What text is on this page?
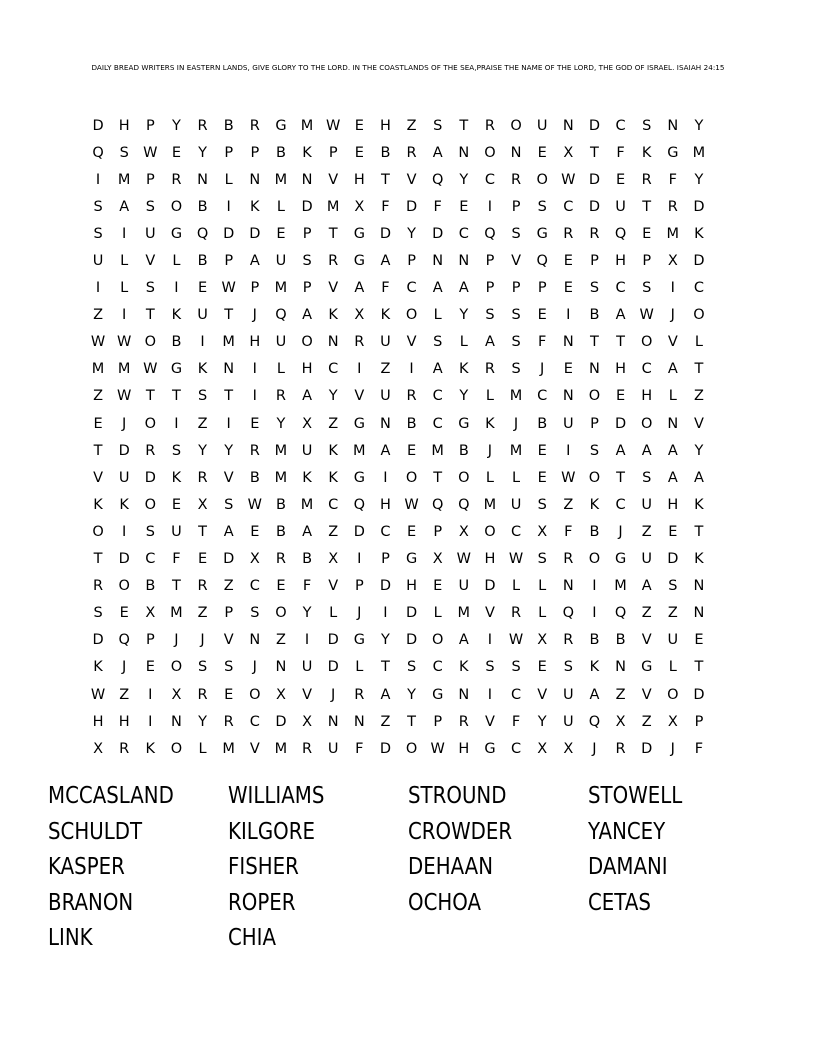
DAILY BREAD WRITERS IN EASTERN LANDS, GIVE GLORY TO THE LORD. IN THE COASTLANDS OF THE SEA,PRAISE THE NAME OF THE LORD, THE GOD OF ISRAEL. ISAIAH 24:15
D	H	P	Y	R	B	R	G M W E	H	Z	S	T	R	O	U	N	D	C	S	N	Y
Q	S W E	Y	P	P	B	K	P	E	B	R	A	N	O	N	E	X	T	F	K	G M
I	M	P	R	N	L	N M N	V	H	T	V	Q	Y	C	R	O W D	E	R	F	Y
S	A	S	O	B	I	K	L	D M	X	F	D	F	E	I	P	S	C	D	U	T	R	D
S	I	U	G	Q	D	D	E	P	T	G	D	Y	D	C	Q	S	G	R	R	Q	E	M	K
U	L	V	L	B	P	A	U	S	R	G	A	P	N	N	P	V	Q	E	P	H	P	X	D
I	L	S	I	E W	P	M	P	V	A	F	C	A	A	P	P	P	E	S	C	S	I	C
Z	I	T	K	U	T	J	Q	A	K	X	K	O	L	Y	S	S	E	I	B	A W	J	O
W W O	B	I	M H	U	O	N	R	U	V	S	L	A	S	F	N	T	T	O	V	L
M M W G	K	N	I	L	H	C	I	Z	I	A	K	R	S	J	E	N	H	C	A	T
Z W	T	T	S	T	I	R	A	Y	V	U	R	C	Y	L	M	C	N	O	E	H	L	Z
E	J	O	I	Z	I	E	Y	X	Z	G	N	B	C	G	K	J	B	U	P	D	O	N	V
T	D	R	S	Y	Y	R	M	U	K	M	A	E	M	B	J	M	E	I	S	A	A	A	Y
V	U	D	K	R	V	B	M	K	K	G	I	O	T	O	L	L	E W O	T	S	A	A
K	K	O	E	X	S W B	M	C	Q	H W Q	Q M	U	S	Z	K	C	U	H	K
O	I	S	U	T	A	E	B	A	Z	D	C	E	P	X	O	C	X	F	B	J	Z	E	T
T	D	C	F	E	D	X	R	B	X	I	P	G	X W H W S	R	O	G	U	D	K
R	O	B	T	R	Z	C	E	F	V	P	D	H	E	U	D	L	L	N	I	M	A	S	N
S	E	X	M	Z	P	S	O	Y	L	J	I	D	L	M	V	R	L	Q	I	Q	Z	Z	N
D	Q	P	J	J	V	N	Z	I	D	G	Y	D	O	A	I	W X	R	B	B	V	U	E
K	J	E	O	S	S	J	N	U	D	L	T	S	C	K	S	S	E	S	K	N	G	L	T
W Z	I	X	R	E	O	X	V	J	R	A	Y	G	N	I	C	V	U	A	Z	V	O	D
H	H	I	N	Y	R	C	D	X	N	N	Z	T	P	R	V	F	Y	U	Q	X	Z	X	P
X	R	K	O	L	M	V	M	R	U	F	D	O W H	G	C	X	X	J	R	D	J	F
MCCASLAND	WILLIAMS	STROUND	STOWELL
SCHULDT	KILGORE	CROWDER	YANCEY
KASPER	FISHER	DEHAAN	DAMANI
BRANON	ROPER	OCHOA	CETAS
LINK	CHIA
